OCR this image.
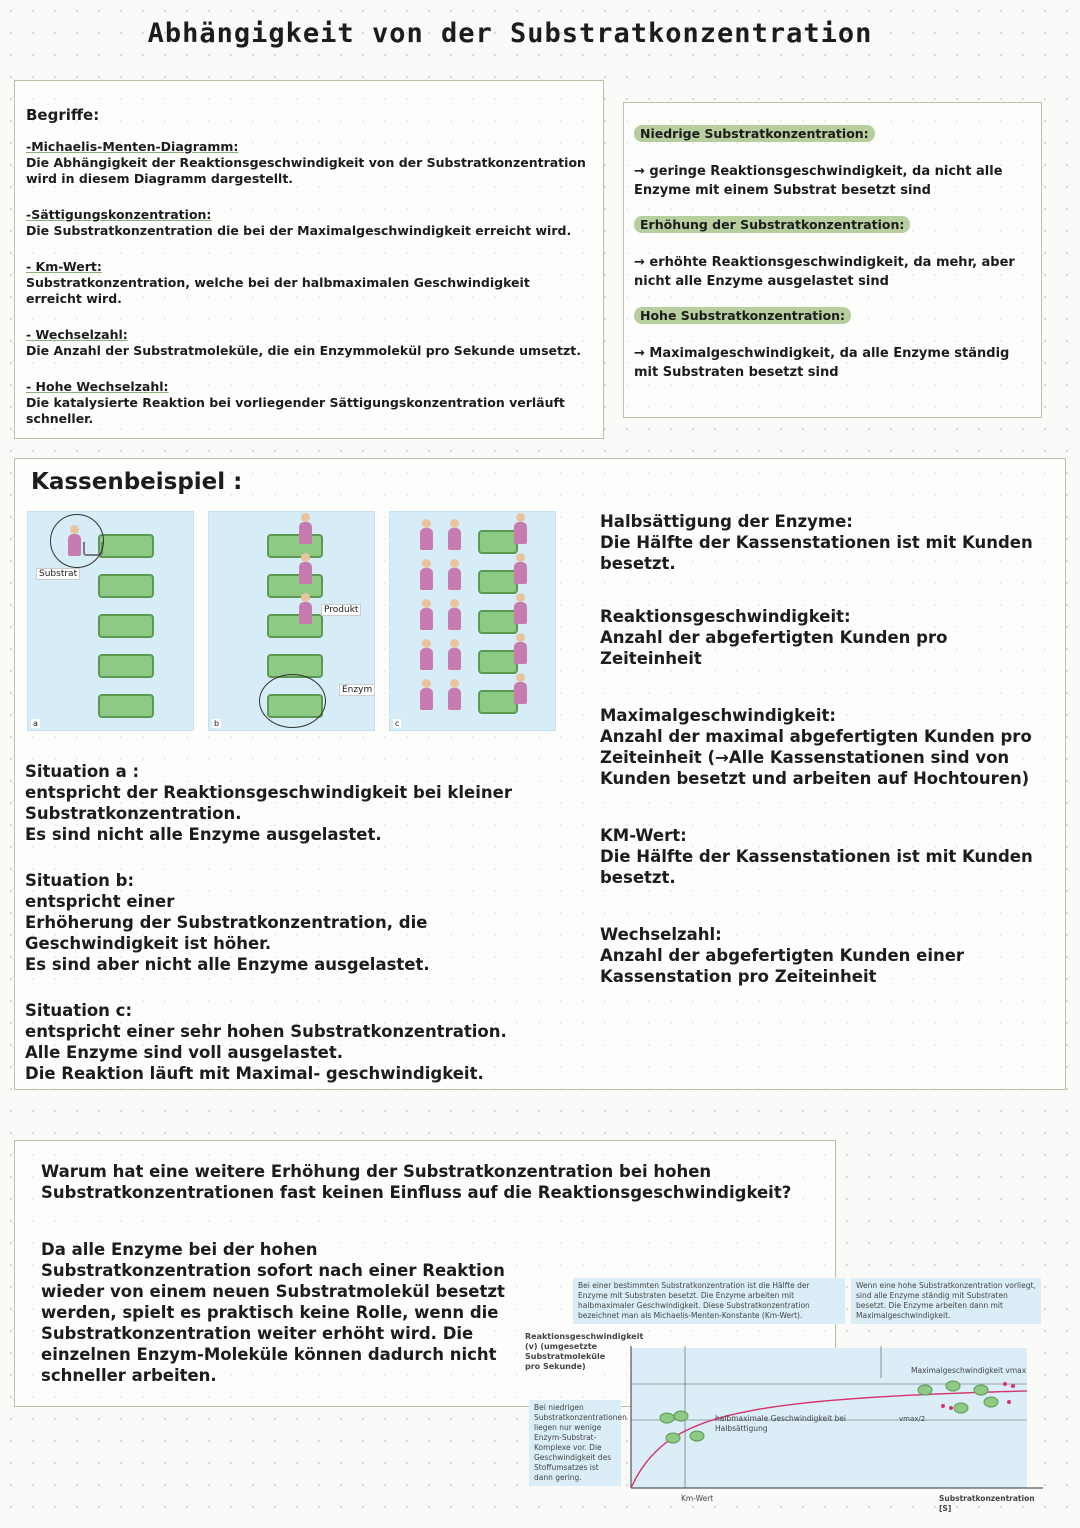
Abhängigkeit von der Substratkonzentration
Begriffe:
-Michaelis-Menten-Diagramm:
Die Abhängigkeit der Reaktionsgeschwindigkeit von der Substratkonzentration wird in diesem Diagramm dargestellt.
-Sättigungskonzentration:
Die Substratkonzentration die bei der Maximalgeschwindigkeit erreicht wird.
- Km-Wert:
Substratkonzentration, welche bei der halbmaximalen Geschwindigkeit erreicht wird.
- Wechselzahl:
Die Anzahl der Substratmoleküle, die ein Enzymmolekül pro Sekunde umsetzt.
- Hohe Wechselzahl:
Die katalysierte Reaktion bei vorliegender Sättigungskonzentration verläuft schneller.
Niedrige Substratkonzentration:
→ geringe Reaktionsgeschwindigkeit, da nicht alle Enzyme mit einem Substrat besetzt sind
Erhöhung der Substratkonzentration:
→ erhöhte Reaktionsgeschwindigkeit, da mehr, aber nicht alle Enzyme ausgelastet sind
Hohe Substratkonzentration:
→ Maximalgeschwindigkeit, da alle Enzyme ständig mit Substraten besetzt sind
Kassenbeispiel :
Substrat
a
Produkt
Enzym
b	c
Situation a :
entspricht der Reaktionsgeschwindigkeit bei kleiner
Substratkonzentration.
Es sind nicht alle Enzyme ausgelastet.
Situation b:
entspricht einer
Erhöherung der Substratkonzentration, die
Geschwindigkeit ist höher.
Es sind aber nicht alle Enzyme ausgelastet.
Situation c:
entspricht einer sehr hohen Substratkonzentration.
Alle Enzyme sind voll ausgelastet.
Die Reaktion läuft mit Maximal- geschwindigkeit.
Halbsättigung der Enzyme:
Die Hälfte der Kassenstationen ist mit Kunden besetzt.
Reaktionsgeschwindigkeit:
Anzahl der abgefertigten Kunden pro Zeiteinheit
Maximalgeschwindigkeit:
Anzahl der maximal abgefertigten Kunden pro Zeiteinheit (→Alle Kassenstationen sind von Kunden besetzt und arbeiten auf Hochtouren)
KM-Wert:
Die Hälfte der Kassenstationen ist mit Kunden besetzt.
Wechselzahl:
Anzahl der abgefertigten Kunden einer Kassenstation pro Zeiteinheit
Warum hat eine weitere Erhöhung der Substratkonzentration bei hohen Substratkonzentrationen fast keinen Einfluss auf die Reaktionsgeschwindigkeit?
Da alle Enzyme bei der hohen Substratkonzentration sofort nach einer Reaktion wieder von einem neuen Substratmolekül besetzt werden, spielt es praktisch keine Rolle, wenn die Substratkonzentration weiter erhöht wird. Die einzelnen Enzym-Moleküle können dadurch nicht schneller arbeiten.
Bei einer bestimmten Substratkonzentration ist die Hälfte der Enzyme mit Substraten besetzt. Die Enzyme arbeiten mit halbmaximaler Geschwindigkeit. Diese Substratkonzentration bezeichnet man als Michaelis-Menten-Konstante (Km-Wert).
Wenn eine hohe Substratkonzentration vorliegt, sind alle Enzyme ständig mit Substraten besetzt. Die Enzyme arbeiten dann mit Maximalgeschwindigkeit.
Reaktionsgeschwindigkeit (v) (umgesetzte Substratmoleküle pro Sekunde)
Bei niedrigen Substratkonzentrationen liegen nur wenige Enzym-Substrat-Komplexe vor. Die Geschwindigkeit des Stoffumsatzes ist dann gering.
Maximalgeschwindigkeit vmax
halbmaximale Geschwindigkeit bei Halbsättigung
vmax/2
Km-Wert	Substratkonzentration [S]
